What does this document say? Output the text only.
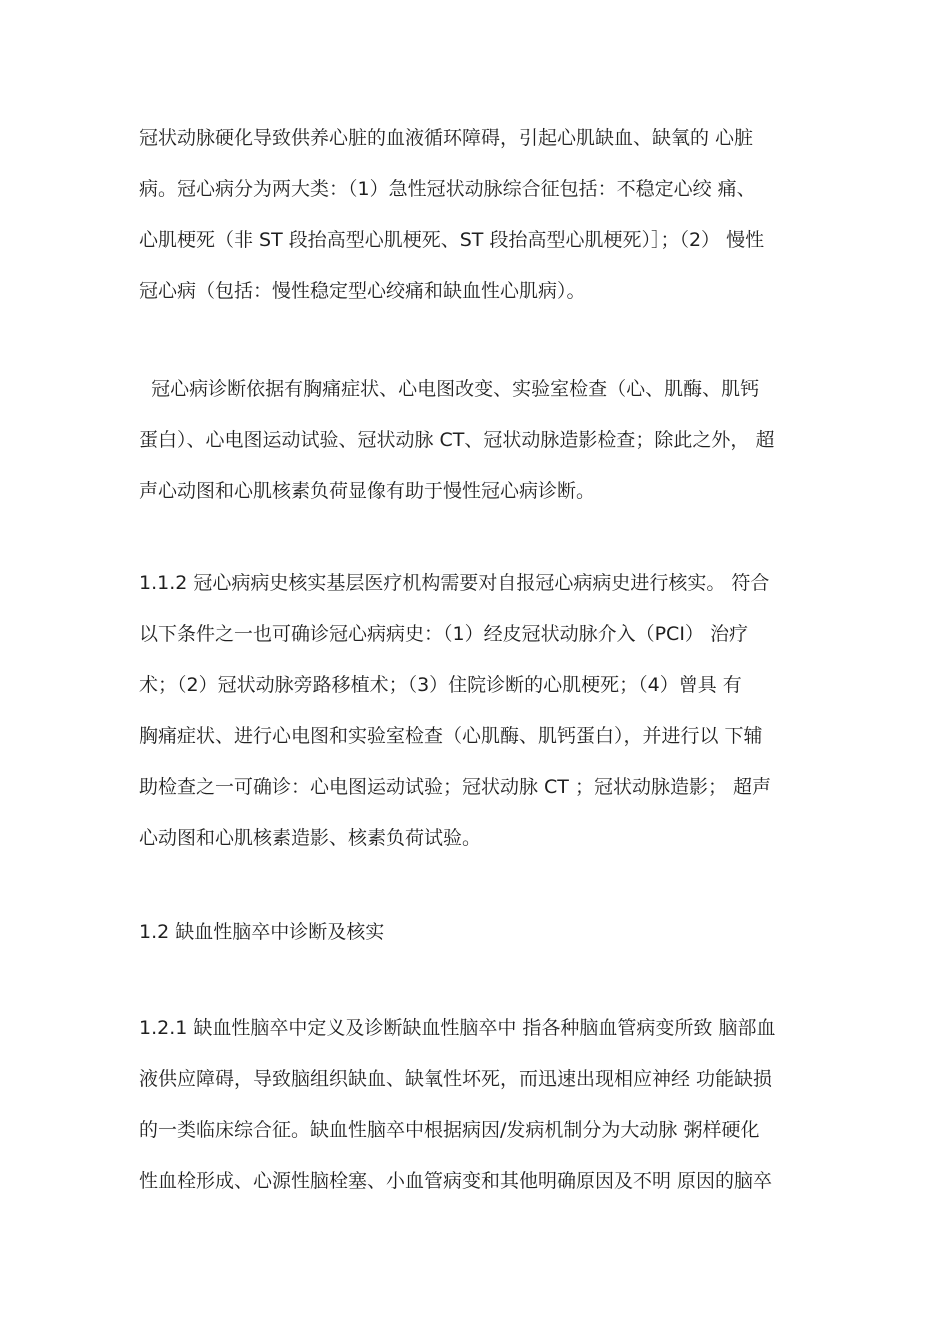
冠状动脉硬化导致供养心脏的血液循环障碍，引起心肌缺血、缺氧的 心脏
病。冠心病分为两大类：（1）急性冠状动脉综合征包括：不稳定心绞 痛、
心肌梗死（非 ST 段抬高型心肌梗死、ST 段抬高型心肌梗死）］；（2） 慢性
冠心病（包括：慢性稳定型心绞痛和缺血性心肌病）。
冠心病诊断依据有胸痛症状、心电图改变、实验室检查（心、肌酶、肌钙
蛋白）、心电图运动试验、冠状动脉 CT、冠状动脉造影检查；除此之外， 超
声心动图和心肌核素负荷显像有助于慢性冠心病诊断。
1.1.2 冠心病病史核实基层医疗机构需要对自报冠心病病史进行核实。 符合
以下条件之一也可确诊冠心病病史：（1）经皮冠状动脉介入（PCI） 治疗
术；（2）冠状动脉旁路移植术；（3）住院诊断的心肌梗死；（4）曾具 有
胸痛症状、进行心电图和实验室检查（心肌酶、肌钙蛋白），并进行以 下辅
助检查之一可确诊：心电图运动试验；冠状动脉 CT ；冠状动脉造影； 超声
心动图和心肌核素造影、核素负荷试验。
1.2 缺血性脑卒中诊断及核实
1.2.1 缺血性脑卒中定义及诊断缺血性脑卒中 指各种脑血管病变所致 脑部血
液供应障碍，导致脑组织缺血、缺氧性坏死，而迅速出现相应神经 功能缺损
的一类临床综合征。缺血性脑卒中根据病因/发病机制分为大动脉 粥样硬化
性血栓形成、心源性脑栓塞、小血管病变和其他明确原因及不明 原因的脑卒
